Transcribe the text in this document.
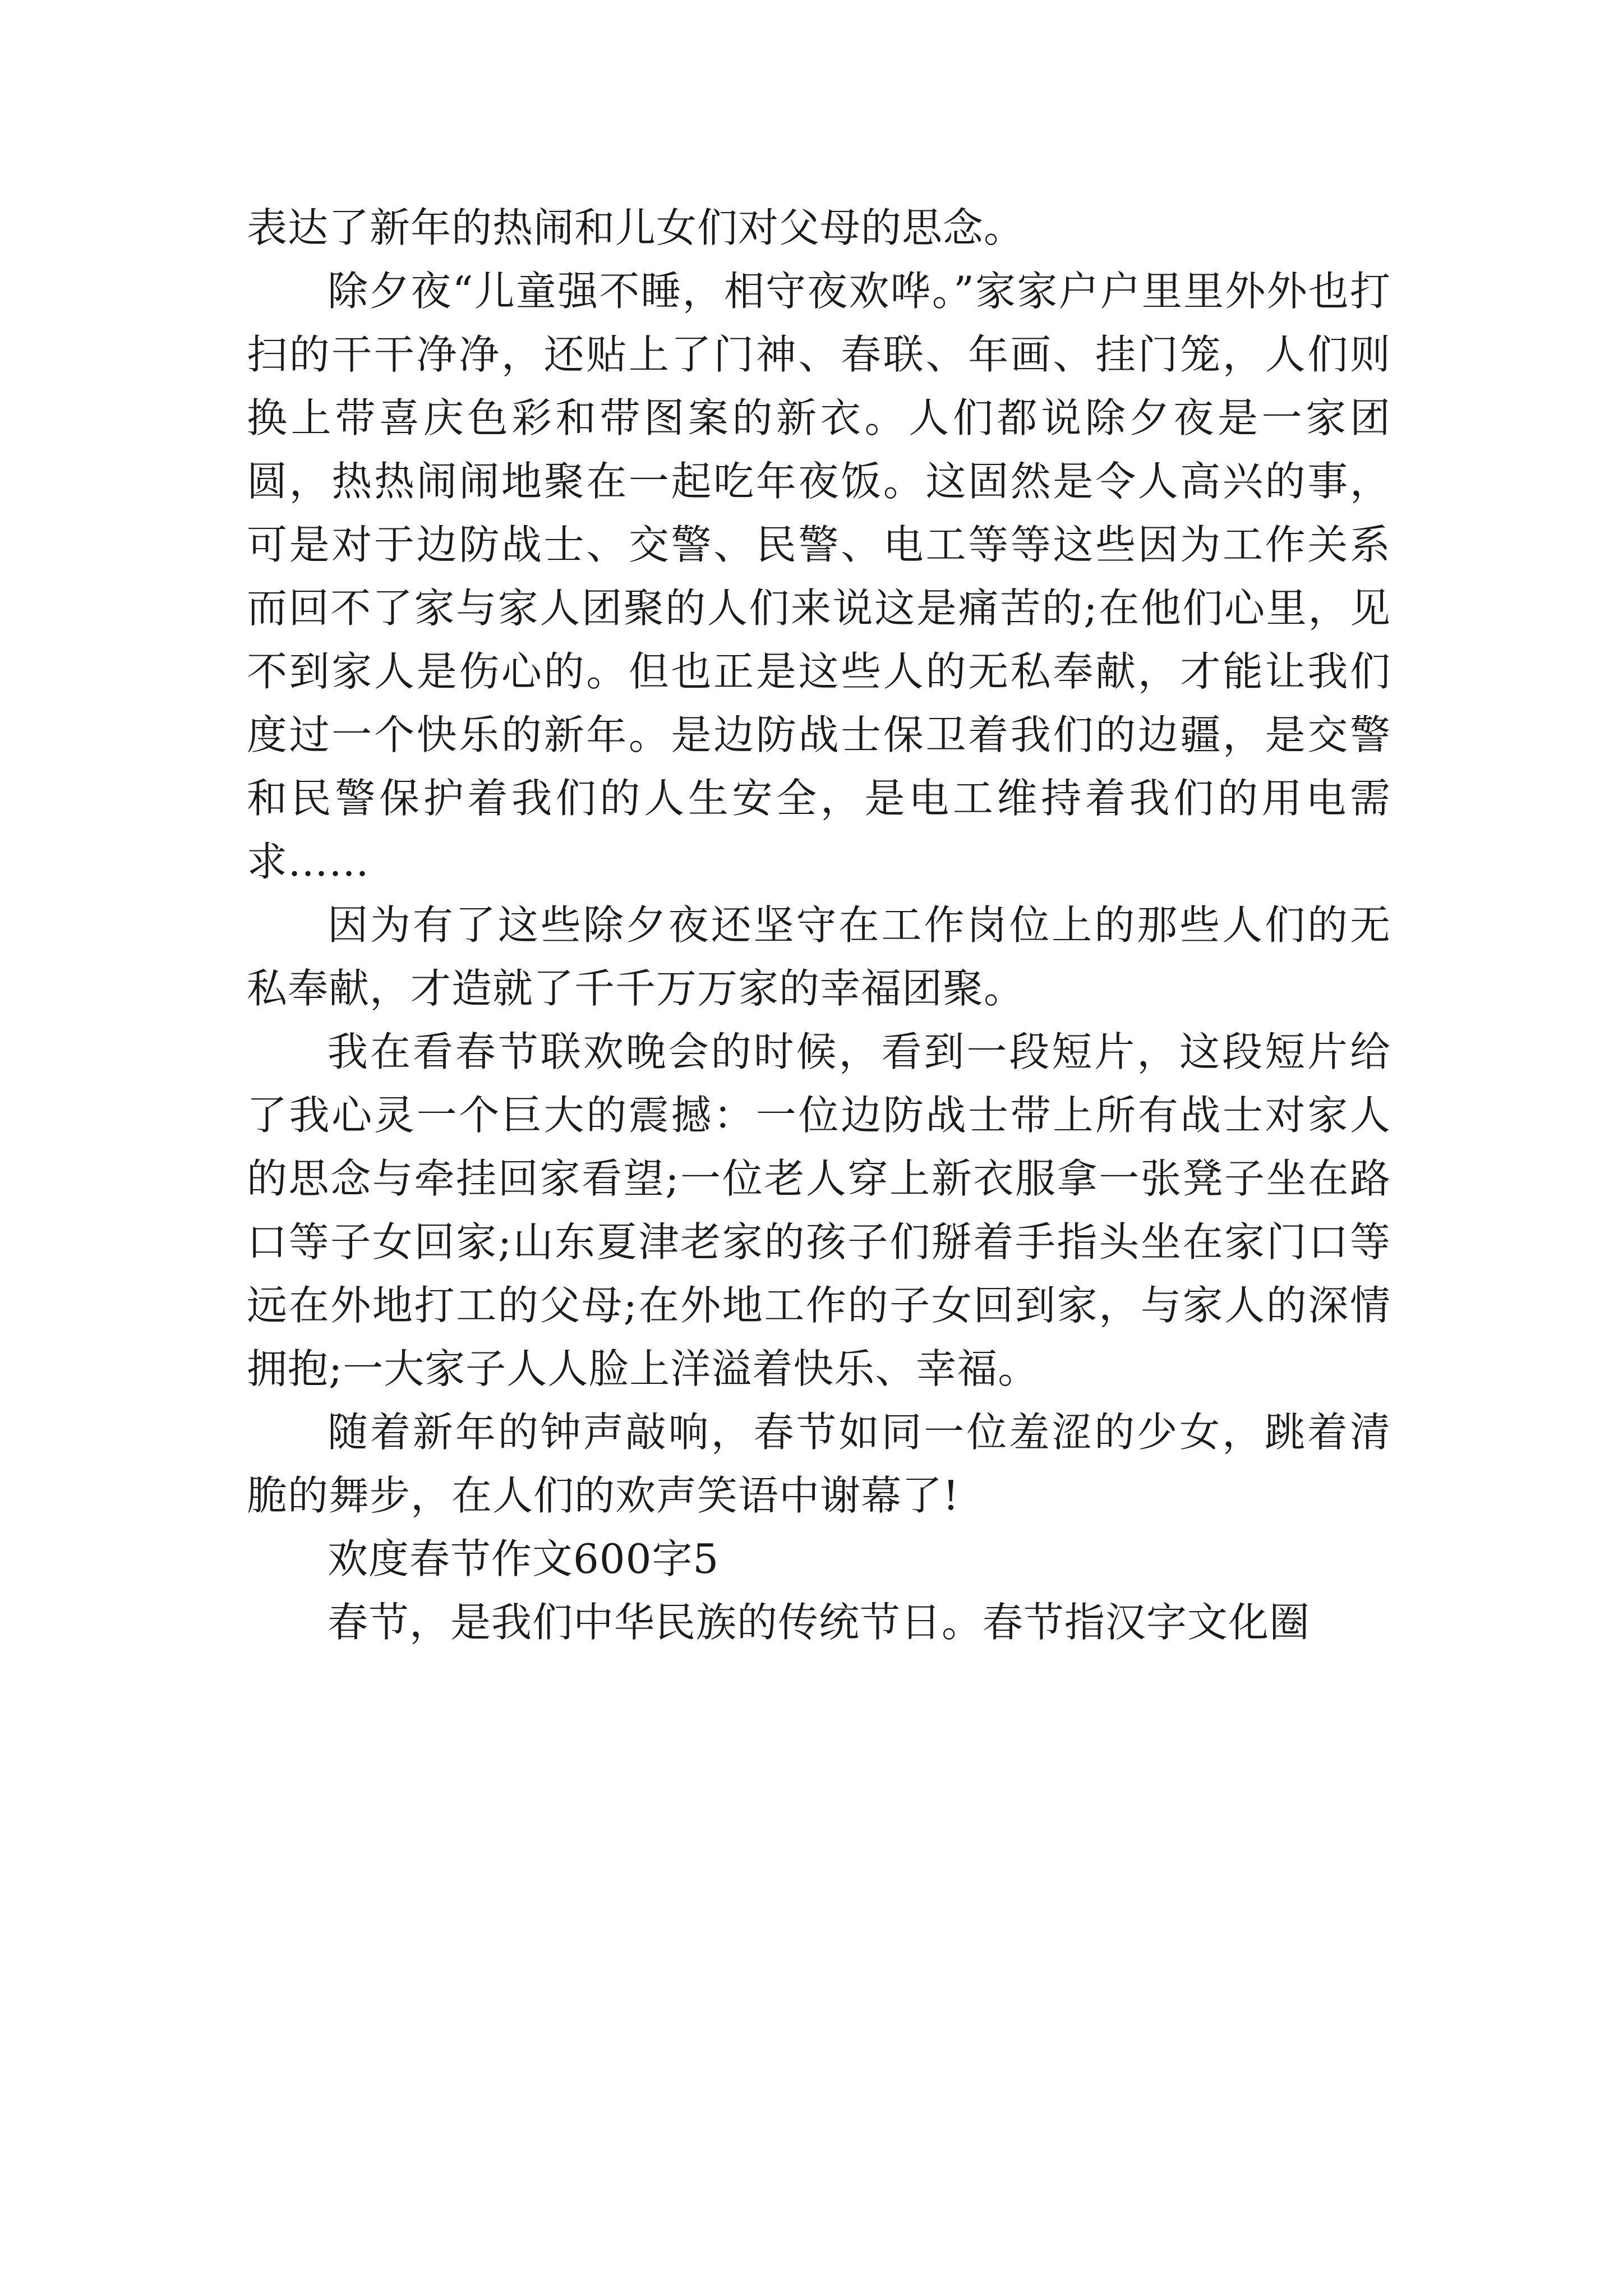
表达了新年的热闹和儿女们对父母的思念。

除夕夜“儿童强不睡，相守夜欢哗。”家家户户里里外外也打扫的干干净净，还贴上了门神、春联、年画、挂门笼，人们则换上带喜庆色彩和带图案的新衣。人们都说除夕夜是一家团圆，热热闹闹地聚在一起吃年夜饭。这固然是令人高兴的事，可是对于边防战士、交警、民警、电工等等这些因为工作关系而回不了家与家人团聚的人们来说这是痛苦的;在他们心里，见不到家人是伤心的。但也正是这些人的无私奉献，才能让我们度过一个快乐的新年。是边防战士保卫着我们的边疆，是交警和民警保护着我们的人生安全，是电工维持着我们的用电需求……

因为有了这些除夕夜还坚守在工作岗位上的那些人们的无私奉献，才造就了千千万万家的幸福团聚。

我在看春节联欢晚会的时候，看到一段短片，这段短片给了我心灵一个巨大的震撼：一位边防战士带上所有战士对家人的思念与牵挂回家看望;一位老人穿上新衣服拿一张凳子坐在路口等子女回家;山东夏津老家的孩子们掰着手指头坐在家门口等远在外地打工的父母;在外地工作的子女回到家，与家人的深情拥抱;一大家子人人脸上洋溢着快乐、幸福。

随着新年的钟声敲响，春节如同一位羞涩的少女，跳着清脆的舞步，在人们的欢声笑语中谢幕了!

欢度春节作文600字5

春节，是我们中华民族的传统节日。春节指汉字文化圈
